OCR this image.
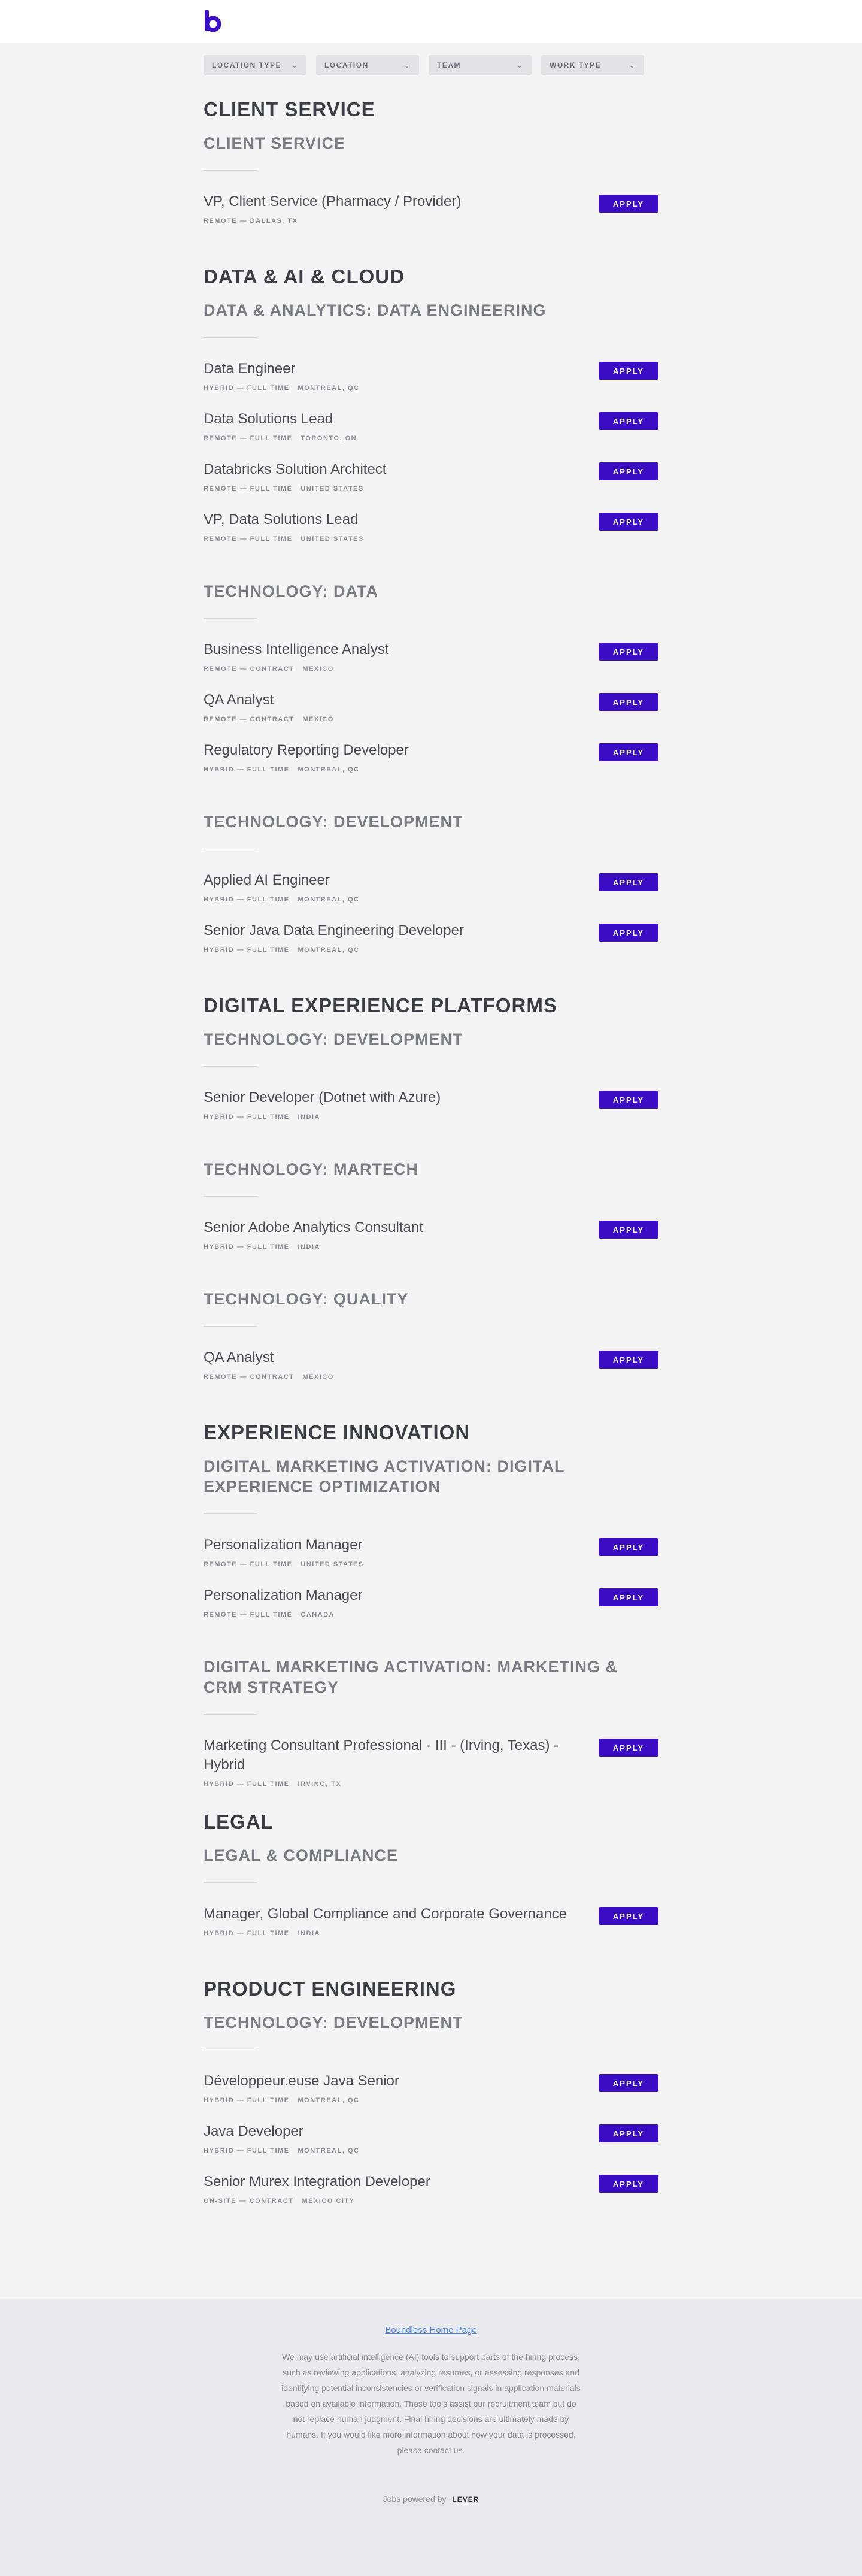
LOCATION TYPE ⌄	LOCATION	⌄	TEAM	⌄	WORK TYPE	⌄
CLIENT SERVICE
CLIENT SERVICE
VP, Client Service (Pharmacy / Provider)
REMOTE — DALLAS, TX
APPLY
DATA & AI & CLOUD
DATA & ANALYTICS: DATA ENGINEERING
Data Engineer
HYBRID — FULL TIME MONTREAL, QC
APPLY
Data Solutions Lead
REMOTE — FULL TIME TORONTO, ON
APPLY
Databricks Solution Architect
REMOTE — FULL TIME UNITED STATES
APPLY
VP, Data Solutions Lead
REMOTE — FULL TIME UNITED STATES
APPLY
TECHNOLOGY: DATA
Business Intelligence Analyst
REMOTE — CONTRACT MEXICO
APPLY
QA Analyst
REMOTE — CONTRACT MEXICO
APPLY
Regulatory Reporting Developer
HYBRID — FULL TIME MONTREAL, QC
APPLY
TECHNOLOGY: DEVELOPMENT
Applied AI Engineer
HYBRID — FULL TIME MONTREAL, QC
APPLY
Senior Java Data Engineering Developer
HYBRID — FULL TIME MONTREAL, QC
APPLY
DIGITAL EXPERIENCE PLATFORMS
TECHNOLOGY: DEVELOPMENT
Senior Developer (Dotnet with Azure)
HYBRID — FULL TIME INDIA
APPLY
TECHNOLOGY: MARTECH
Senior Adobe Analytics Consultant
HYBRID — FULL TIME INDIA
APPLY
TECHNOLOGY: QUALITY
QA Analyst
REMOTE — CONTRACT MEXICO
APPLY
EXPERIENCE INNOVATION
DIGITAL MARKETING ACTIVATION: DIGITAL EXPERIENCE OPTIMIZATION
Personalization Manager
REMOTE — FULL TIME UNITED STATES
APPLY
Personalization Manager
REMOTE — FULL TIME CANADA
APPLY
DIGITAL MARKETING ACTIVATION: MARKETING & CRM STRATEGY
Marketing Consultant Professional - III - (Irving, Texas) - Hybrid
HYBRID — FULL TIME IRVING, TX
APPLY
LEGAL
LEGAL & COMPLIANCE
Manager, Global Compliance and Corporate Governance
HYBRID — FULL TIME INDIA
APPLY
PRODUCT ENGINEERING
TECHNOLOGY: DEVELOPMENT
Développeur.euse Java Senior
HYBRID — FULL TIME MONTREAL, QC
APPLY
Java Developer
HYBRID — FULL TIME MONTREAL, QC
APPLY
Senior Murex Integration Developer
ON-SITE — CONTRACT MEXICO CITY
APPLY
Boundless Home Page
We may use artificial intelligence (AI) tools to support parts of the hiring process, such as reviewing applications, analyzing resumes, or assessing responses and identifying potential inconsistencies or verification signals in application materials based on available information. These tools assist our recruitment team but do not replace human judgment. Final hiring decisions are ultimately made by humans. If you would like more information about how your data is processed, please contact us.
Jobs powered by LEVER
